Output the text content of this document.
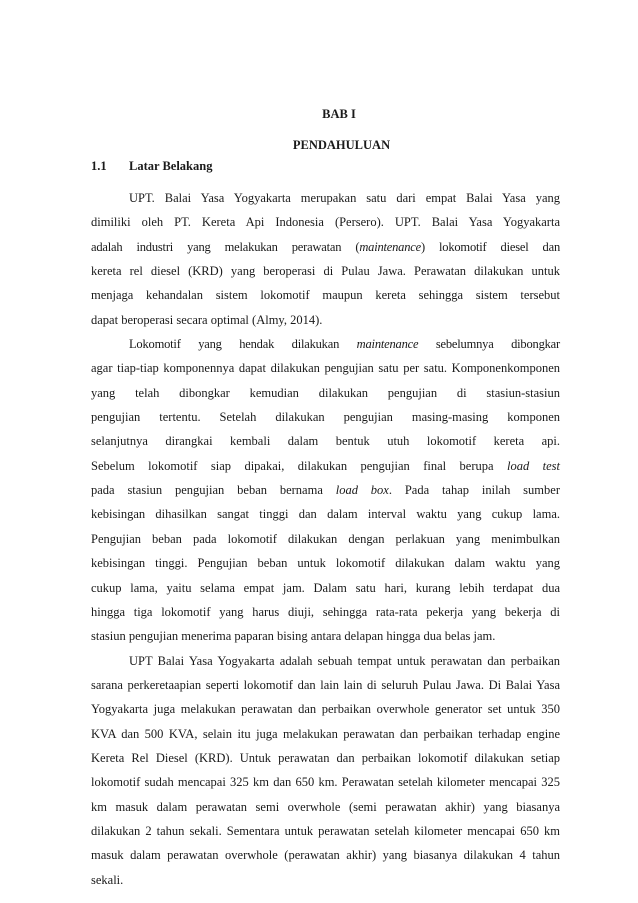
BAB I
PENDAHULUAN
1.1	Latar Belakang
UPT. Balai Yasa Yogyakarta merupakan satu dari empat Balai Yasa yang
dimiliki oleh PT. Kereta Api Indonesia (Persero). UPT. Balai Yasa Yogyakarta
adalah industri yang melakukan perawatan (maintenance) lokomotif diesel dan
kereta rel diesel (KRD) yang beroperasi di Pulau Jawa. Perawatan dilakukan untuk
menjaga kehandalan sistem lokomotif maupun kereta sehingga sistem tersebut
dapat beroperasi secara optimal (Almy, 2014).
Lokomotif yang hendak dilakukan maintenance sebelumnya dibongkar
agar tiap-tiap komponennya dapat dilakukan pengujian satu per satu. Komponenkomponen
yang telah dibongkar kemudian dilakukan pengujian di stasiun-stasiun
pengujian tertentu. Setelah dilakukan pengujian masing-masing komponen
selanjutnya dirangkai kembali dalam bentuk utuh lokomotif kereta api.
Sebelum lokomotif siap dipakai, dilakukan pengujian final berupa load test
pada stasiun pengujian beban bernama load box. Pada tahap inilah sumber
kebisingan dihasilkan sangat tinggi dan dalam interval waktu yang cukup lama.
Pengujian beban pada lokomotif dilakukan dengan perlakuan yang menimbulkan
kebisingan tinggi. Pengujian beban untuk lokomotif dilakukan dalam waktu yang
cukup lama, yaitu selama empat jam. Dalam satu hari, kurang lebih terdapat dua
hingga tiga lokomotif yang harus diuji, sehingga rata-rata pekerja yang bekerja di
stasiun pengujian menerima paparan bising antara delapan hingga dua belas jam.
UPT Balai Yasa Yogyakarta adalah sebuah tempat untuk perawatan dan perbaikan
sarana perkeretaapian seperti lokomotif dan lain lain di seluruh Pulau Jawa. Di Balai Yasa
Yogyakarta juga melakukan perawatan dan perbaikan overwhole generator set untuk 350
KVA dan 500 KVA, selain itu juga melakukan perawatan dan perbaikan terhadap engine
Kereta Rel Diesel (KRD). Untuk perawatan dan perbaikan lokomotif dilakukan setiap
lokomotif sudah mencapai 325 km dan 650 km. Perawatan setelah kilometer mencapai 325
km masuk dalam perawatan semi overwhole (semi perawatan akhir) yang biasanya
dilakukan 2 tahun sekali. Sementara untuk perawatan setelah kilometer mencapai 650 km
masuk dalam perawatan overwhole (perawatan akhir) yang biasanya dilakukan 4 tahun
sekali.
